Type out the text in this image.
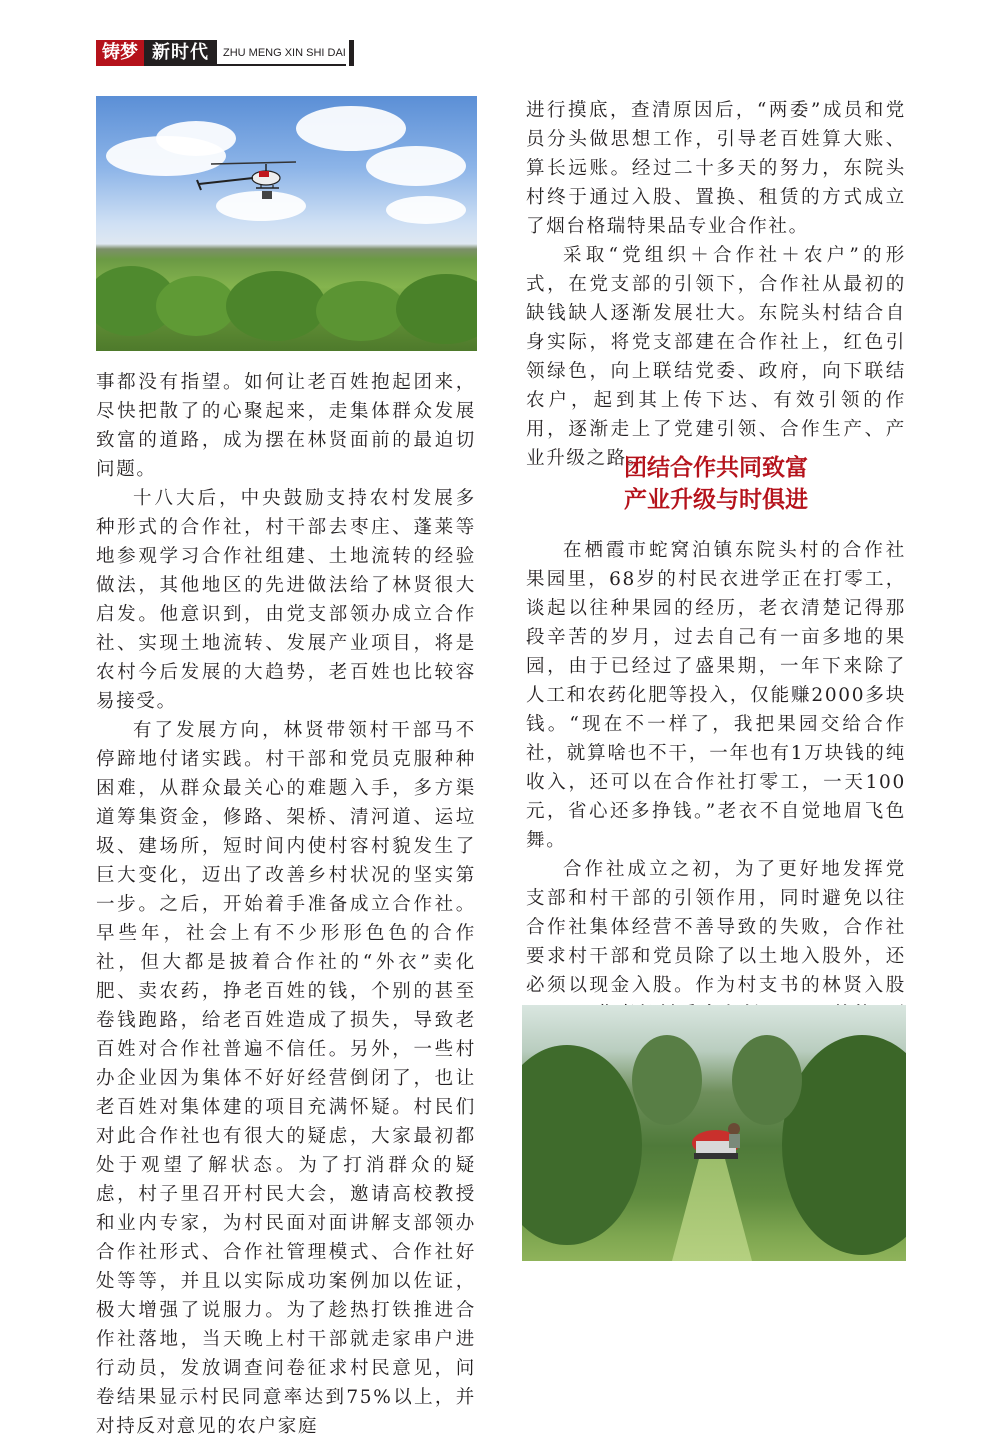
铸梦 新时代	ZHU MENG XIN SHI DAI

事都没有指望。如何让老百姓抱起团来，尽快把散了的心聚起来，走集体群众发展致富的道路，成为摆在林贤面前的最迫切问题。

十八大后，中央鼓励支持农村发展多种形式的合作社，村干部去枣庄、蓬莱等地参观学习合作社组建、土地流转的经验做法，其他地区的先进做法给了林贤很大启发。他意识到，由党支部领办成立合作社、实现土地流转、发展产业项目，将是农村今后发展的大趋势，老百姓也比较容易接受。

有了发展方向，林贤带领村干部马不停蹄地付诸实践。村干部和党员克服种种困难，从群众最关心的难题入手，多方渠道筹集资金，修路、架桥、清河道、运垃圾、建场所，短时间内使村容村貌发生了巨大变化，迈出了改善乡村状况的坚实第一步。之后，开始着手准备成立合作社。早些年，社会上有不少形形色色的合作社，但大都是披着合作社的“外衣”卖化肥、卖农药，挣老百姓的钱，个别的甚至卷钱跑路，给老百姓造成了损失，导致老百姓对合作社普遍不信任。另外，一些村办企业因为集体不好好经营倒闭了，也让老百姓对集体建的项目充满怀疑。村民们对此合作社也有很大的疑虑，大家最初都处于观望了解状态。为了打消群众的疑虑，村子里召开村民大会，邀请高校教授和业内专家，为村民面对面讲解支部领办合作社形式、合作社管理模式、合作社好处等等，并且以实际成功案例加以佐证，极大增强了说服力。为了趁热打铁推进合作社落地，当天晚上村干部就走家串户进行动员，发放调查问卷征求村民意见，问卷结果显示村民同意率达到75%以上，并对持反对意见的农户家庭

进行摸底，查清原因后，“两委”成员和党员分头做思想工作，引导老百姓算大账、算长远账。经过二十多天的努力，东院头村终于通过入股、置换、租赁的方式成立了烟台格瑞特果品专业合作社。

采取“党组织＋合作社＋农户”的形式，在党支部的引领下，合作社从最初的缺钱缺人逐渐发展壮大。东院头村结合自身实际，将党支部建在合作社上，红色引领绿色，向上联结党委、政府，向下联结农户，起到其上传下达、有效引领的作用，逐渐走上了党建引领、合作生产、产业升级之路。

团结合作共同致富
产业升级与时俱进

在栖霞市蛇窝泊镇东院头村的合作社果园里，68岁的村民衣进学正在打零工，谈起以往种果园的经历，老衣清楚记得那段辛苦的岁月，过去自己有一亩多地的果园，由于已经过了盛果期，一年下来除了人工和农药化肥等投入，仅能赚2000多块钱。“现在不一样了，我把果园交给合作社，就算啥也不干，一年也有1万块钱的纯收入，还可以在合作社打零工，一天100元，省心还多挣钱。”老衣不自觉地眉飞色舞。

合作社成立之初，为了更好地发挥党支部和村干部的引领作用，同时避免以往合作社集体经营不善导致的失败，合作社要求村干部和党员除了以土地入股外，还必须以现金入股。作为村支书的林贤入股
